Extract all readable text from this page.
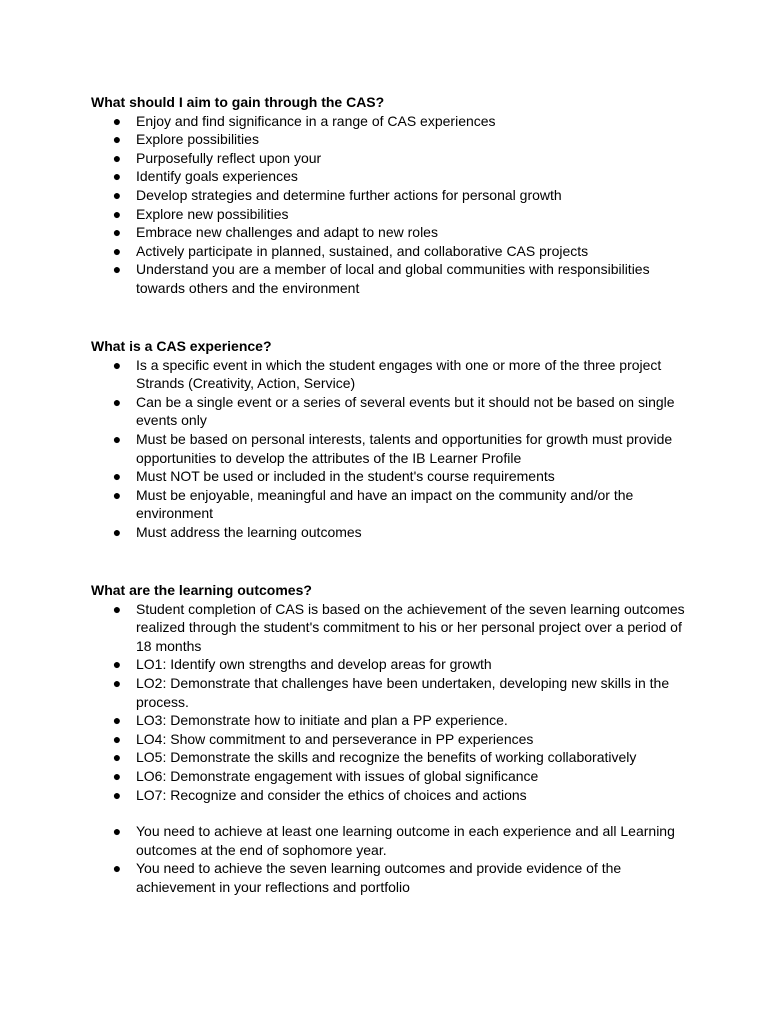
What should I aim to gain through the CAS?

● Enjoy and find significance in a range of CAS experiences
● Explore possibilities
● Purposefully reflect upon your
● Identify goals experiences
● Develop strategies and determine further actions for personal growth
● Explore new possibilities
● Embrace new challenges and adapt to new roles
● Actively participate in planned, sustained, and collaborative CAS projects
● Understand you are a member of local and global communities with responsibilities towards others and the environment

What is a CAS experience?

● Is a specific event in which the student engages with one or more of the three project Strands (Creativity, Action, Service)
● Can be a single event or a series of several events but it should not be based on single events only
● Must be based on personal interests, talents and opportunities for growth must provide opportunities to develop the attributes of the IB Learner Profile
● Must NOT be used or included in the student's course requirements
● Must be enjoyable, meaningful and have an impact on the community and/or the environment
● Must address the learning outcomes

What are the learning outcomes?

● Student completion of CAS is based on the achievement of the seven learning outcomes realized through the student's commitment to his or her personal project over a period of 18 months
● LO1: Identify own strengths and develop areas for growth
● LO2: Demonstrate that challenges have been undertaken, developing new skills in the process.
● LO3: Demonstrate how to initiate and plan a PP experience.
● LO4: Show commitment to and perseverance in PP experiences
● LO5: Demonstrate the skills and recognize the benefits of working collaboratively
● LO6: Demonstrate engagement with issues of global significance
● LO7: Recognize and consider the ethics of choices and actions
● You need to achieve at least one learning outcome in each experience and all Learning outcomes at the end of sophomore year.
● You need to achieve the seven learning outcomes and provide evidence of the achievement in your reflections and portfolio
